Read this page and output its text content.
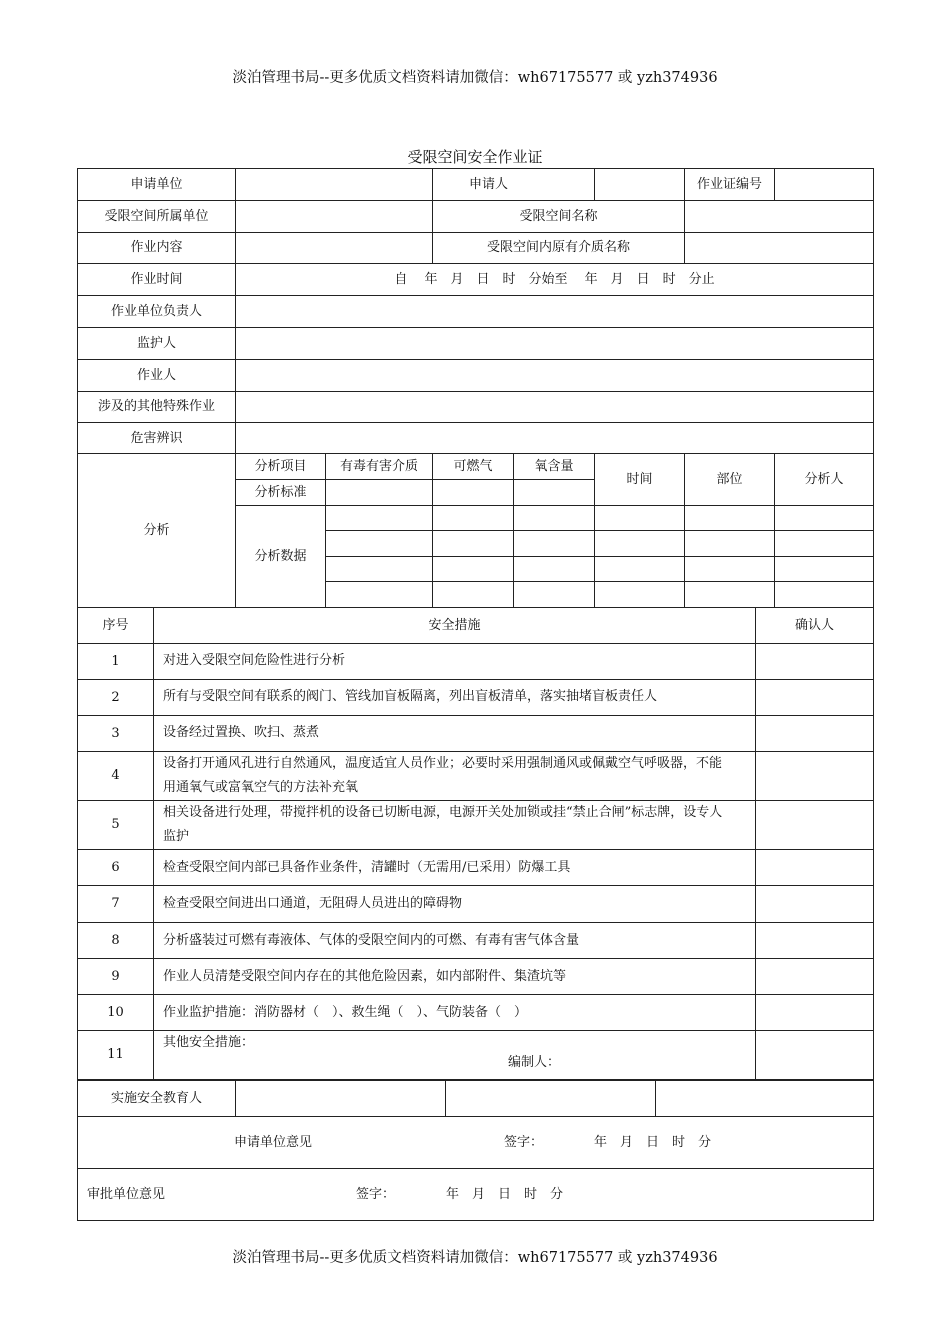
淡泊管理书局--更多优质文档资料请加微信：wh67175577 或 yzh374936
受限空间安全作业证
申请单位		申请人		作业证编号	
受限空间所属单位		受限空间名称			
作业内容		受限空间内原有介质名称			
作业时间	自　 年　月　日　时　分始至　 年　月　日　时　分止				
作业单位负责人					
监护人					
作业人					
涉及的其他特殊作业					
危害辨识					
分析	分析项目	有毒有害介质	可燃气	氧含量	时间	部位	分析人
	分析标准						
	分析数据						

序号	安全措施	确认人
1	对进入受限空间危险性进行分析	
2	所有与受限空间有联系的阀门、管线加盲板隔离，列出盲板清单，落实抽堵盲板责任人	
3	设备经过置换、吹扫、蒸煮	
4	设备打开通风孔进行自然通风，温度适宜人员作业；必要时采用强制通风或佩戴空气呼吸器，不能用通氧气或富氧空气的方法补充氧	
5	相关设备进行处理，带搅拌机的设备已切断电源，电源开关处加锁或挂“禁止合闸”标志牌，设专人监护	
6	检查受限空间内部已具备作业条件，清罐时（无需用/已采用）防爆工具	
7	检查受限空间进出口通道，无阻碍人员进出的障碍物	
8	分析盛装过可燃有毒液体、气体的受限空间内的可燃、有毒有害气体含量	
9	作业人员清楚受限空间内存在的其他危险因素，如内部附件、集渣坑等	
10	作业监护措施：消防器材（　）、救生绳（　）、气防装备（　）	
11	其他安全措施：
编制人：	

实施安全教育人			

申请单位意见	签字：	年　月　日　时　分

审批单位意见	签字：	年　月　日　时　分
淡泊管理书局--更多优质文档资料请加微信：wh67175577 或 yzh374936
